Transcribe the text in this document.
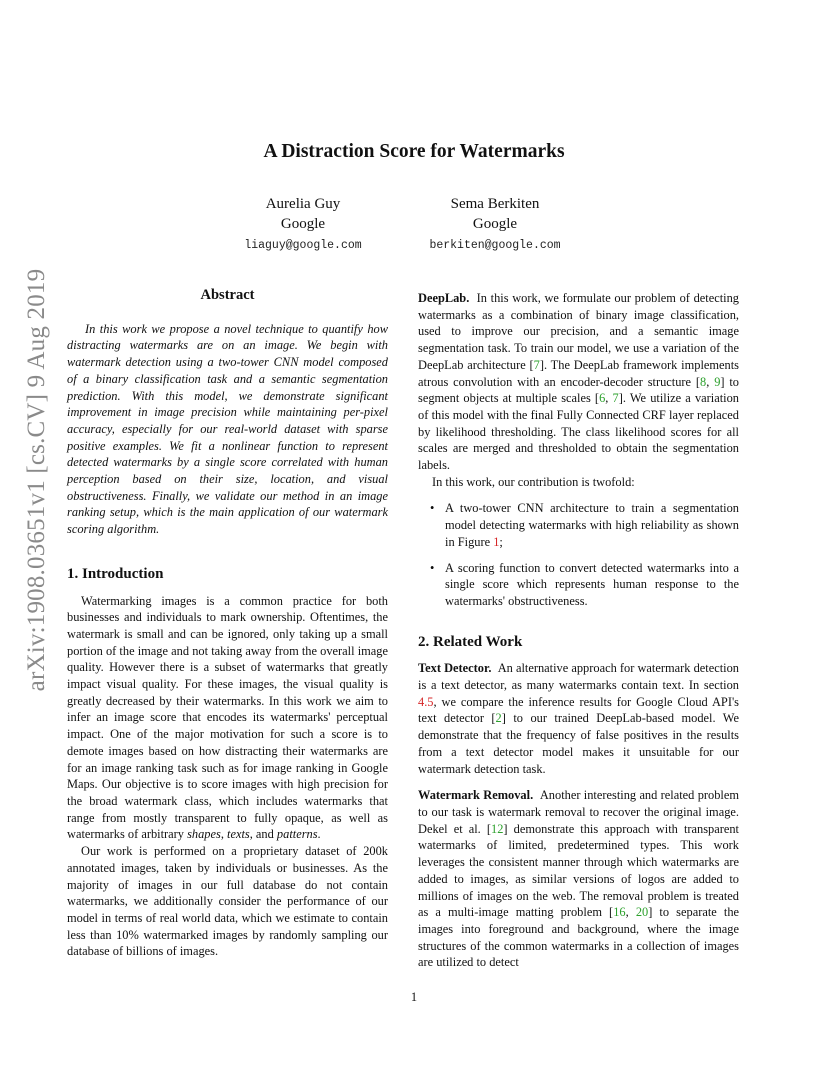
arXiv:1908.03651v1 [cs.CV] 9 Aug 2019
A Distraction Score for Watermarks
Aurelia Guy
Google
liaguy@google.com
Sema Berkiten
Google
berkiten@google.com

Abstract

In this work we propose a novel technique to quantify how distracting watermarks are on an image. We begin with watermark detection using a two-tower CNN model composed of a binary classification task and a semantic segmentation prediction. With this model, we demonstrate significant improvement in image precision while maintaining per-pixel accuracy, especially for our real-world dataset with sparse positive examples. We fit a nonlinear function to represent detected watermarks by a single score correlated with human perception based on their size, location, and visual obstructiveness. Finally, we validate our method in an image ranking setup, which is the main application of our watermark scoring algorithm.

1. Introduction

Watermarking images is a common practice for both businesses and individuals to mark ownership. Oftentimes, the watermark is small and can be ignored, only taking up a small portion of the image and not taking away from the overall image quality. However there is a subset of watermarks that greatly impact visual quality. For these images, the visual quality is greatly decreased by their watermarks. In this work we aim to infer an image score that encodes its watermarks' perceptual impact. One of the major motivation for such a score is to demote images based on how distracting their watermarks are for an image ranking task such as for image ranking in Google Maps. Our objective is to score images with high precision for the broad watermark class, which includes watermarks that range from mostly transparent to fully opaque, as well as watermarks of arbitrary shapes, texts, and patterns.

Our work is performed on a proprietary dataset of 200k annotated images, taken by individuals or businesses. As the majority of images in our full database do not contain watermarks, we additionally consider the performance of our model in terms of real world data, which we estimate to contain less than 10% watermarked images by randomly sampling our database of billions of images.

DeepLab. In this work, we formulate our problem of detecting watermarks as a combination of binary image classification, used to improve our precision, and a semantic image segmentation task. To train our model, we use a variation of the DeepLab architecture [7]. The DeepLab framework implements atrous convolution with an encoder-decoder structure [8, 9] to segment objects at multiple scales [6, 7]. We utilize a variation of this model with the final Fully Connected CRF layer replaced by likelihood thresholding. The class likelihood scores for all scales are merged and thresholded to obtain the segmentation labels.

In this work, our contribution is twofold:

• A two-tower CNN architecture to train a segmentation model detecting watermarks with high reliability as shown in Figure 1;
• A scoring function to convert detected watermarks into a single score which represents human response to the watermarks' obstructiveness.

2. Related Work

Text Detector. An alternative approach for watermark detection is a text detector, as many watermarks contain text. In section 4.5, we compare the inference results for Google Cloud API's text detector [2] to our trained DeepLab-based model. We demonstrate that the frequency of false positives in the results from a text detector model makes it unsuitable for our watermark detection task.

Watermark Removal. Another interesting and related problem to our task is watermark removal to recover the original image. Dekel et al. [12] demonstrate this approach with transparent watermarks of limited, predetermined types. This work leverages the consistent manner through which watermarks are added to images, as similar versions of logos are added to millions of images on the web. The removal problem is treated as a multi-image matting problem [16, 20] to separate the images into foreground and background, where the image structures of the common watermarks in a collection of images are utilized to detect

1
